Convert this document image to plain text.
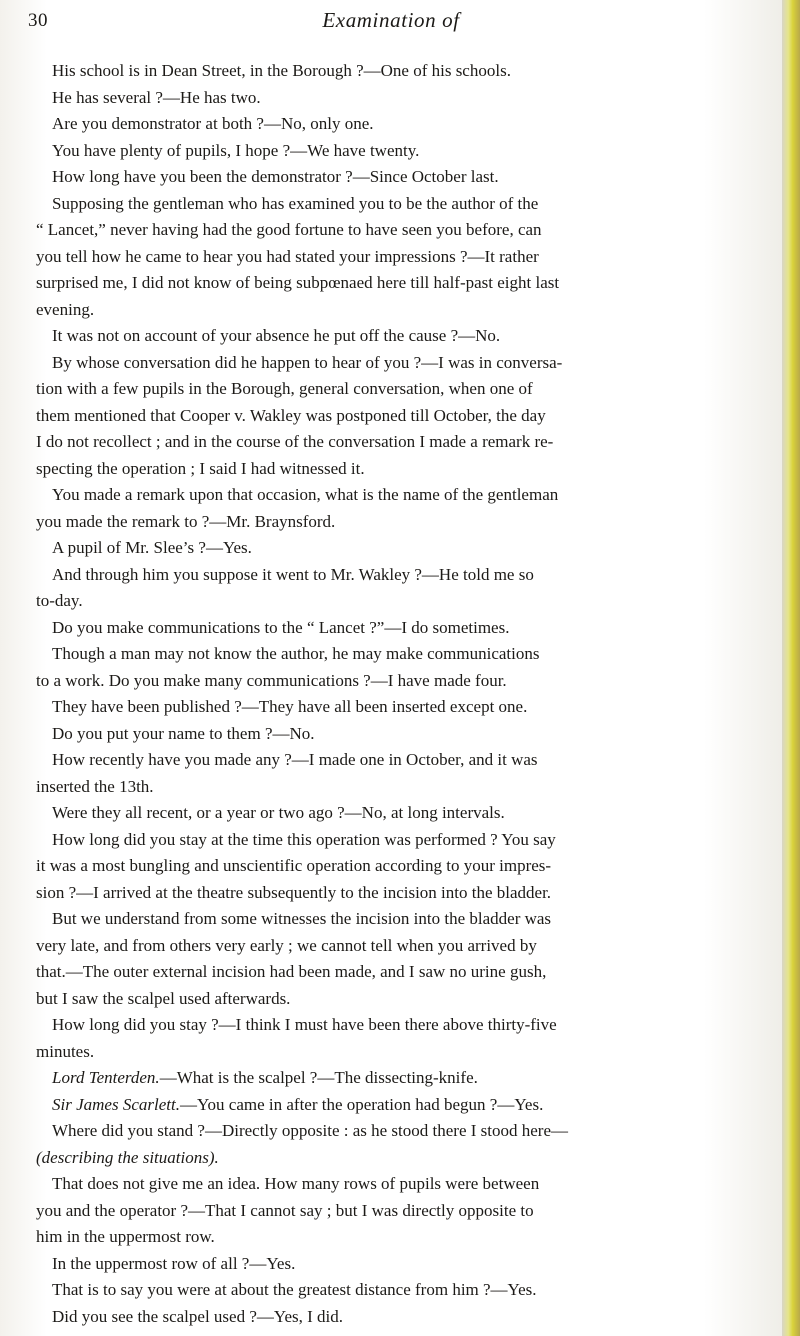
30	Examination of
His school is in Dean Street, in the Borough ?—One of his schools.
He has several ?—He has two.
Are you demonstrator at both ?—No, only one.
You have plenty of pupils, I hope ?—We have twenty.
How long have you been the demonstrator ?—Since October last.
Supposing the gentleman who has examined you to be the author of the
“ Lancet,” never having had the good fortune to have seen you before, can
you tell how he came to hear you had stated your impressions ?—It rather
surprised me, I did not know of being subpœnaed here till half-past eight last
evening.
It was not on account of your absence he put off the cause ?—No.
By whose conversation did he happen to hear of you ?—I was in conversa-
tion with a few pupils in the Borough, general conversation, when one of
them mentioned that Cooper v. Wakley was postponed till October, the day
I do not recollect ; and in the course of the conversation I made a remark re-
specting the operation ; I said I had witnessed it.
You made a remark upon that occasion, what is the name of the gentleman
you made the remark to ?—Mr. Braynsford.
A pupil of Mr. Slee’s ?—Yes.
And through him you suppose it went to Mr. Wakley ?—He told me so
to-day.
Do you make communications to the “ Lancet ?”—I do sometimes.
Though a man may not know the author, he may make communications
to a work. Do you make many communications ?—I have made four.
They have been published ?—They have all been inserted except one.
Do you put your name to them ?—No.
How recently have you made any ?—I made one in October, and it was
inserted the 13th.
Were they all recent, or a year or two ago ?—No, at long intervals.
How long did you stay at the time this operation was performed ? You say
it was a most bungling and unscientific operation according to your impres-
sion ?—I arrived at the theatre subsequently to the incision into the bladder.
But we understand from some witnesses the incision into the bladder was
very late, and from others very early ; we cannot tell when you arrived by
that.—The outer external incision had been made, and I saw no urine gush,
but I saw the scalpel used afterwards.
How long did you stay ?—I think I must have been there above thirty-five
minutes.
Lord Tenterden.—What is the scalpel ?—The dissecting-knife.
Sir James Scarlett.—You came in after the operation had begun ?—Yes.
Where did you stand ?—Directly opposite : as he stood there I stood here—
(describing the situations).
That does not give me an idea. How many rows of pupils were between
you and the operator ?—That I cannot say ; but I was directly opposite to
him in the uppermost row.
In the uppermost row of all ?—Yes.
That is to say you were at about the greatest distance from him ?—Yes.
Did you see the scalpel used ?—Yes, I did.
